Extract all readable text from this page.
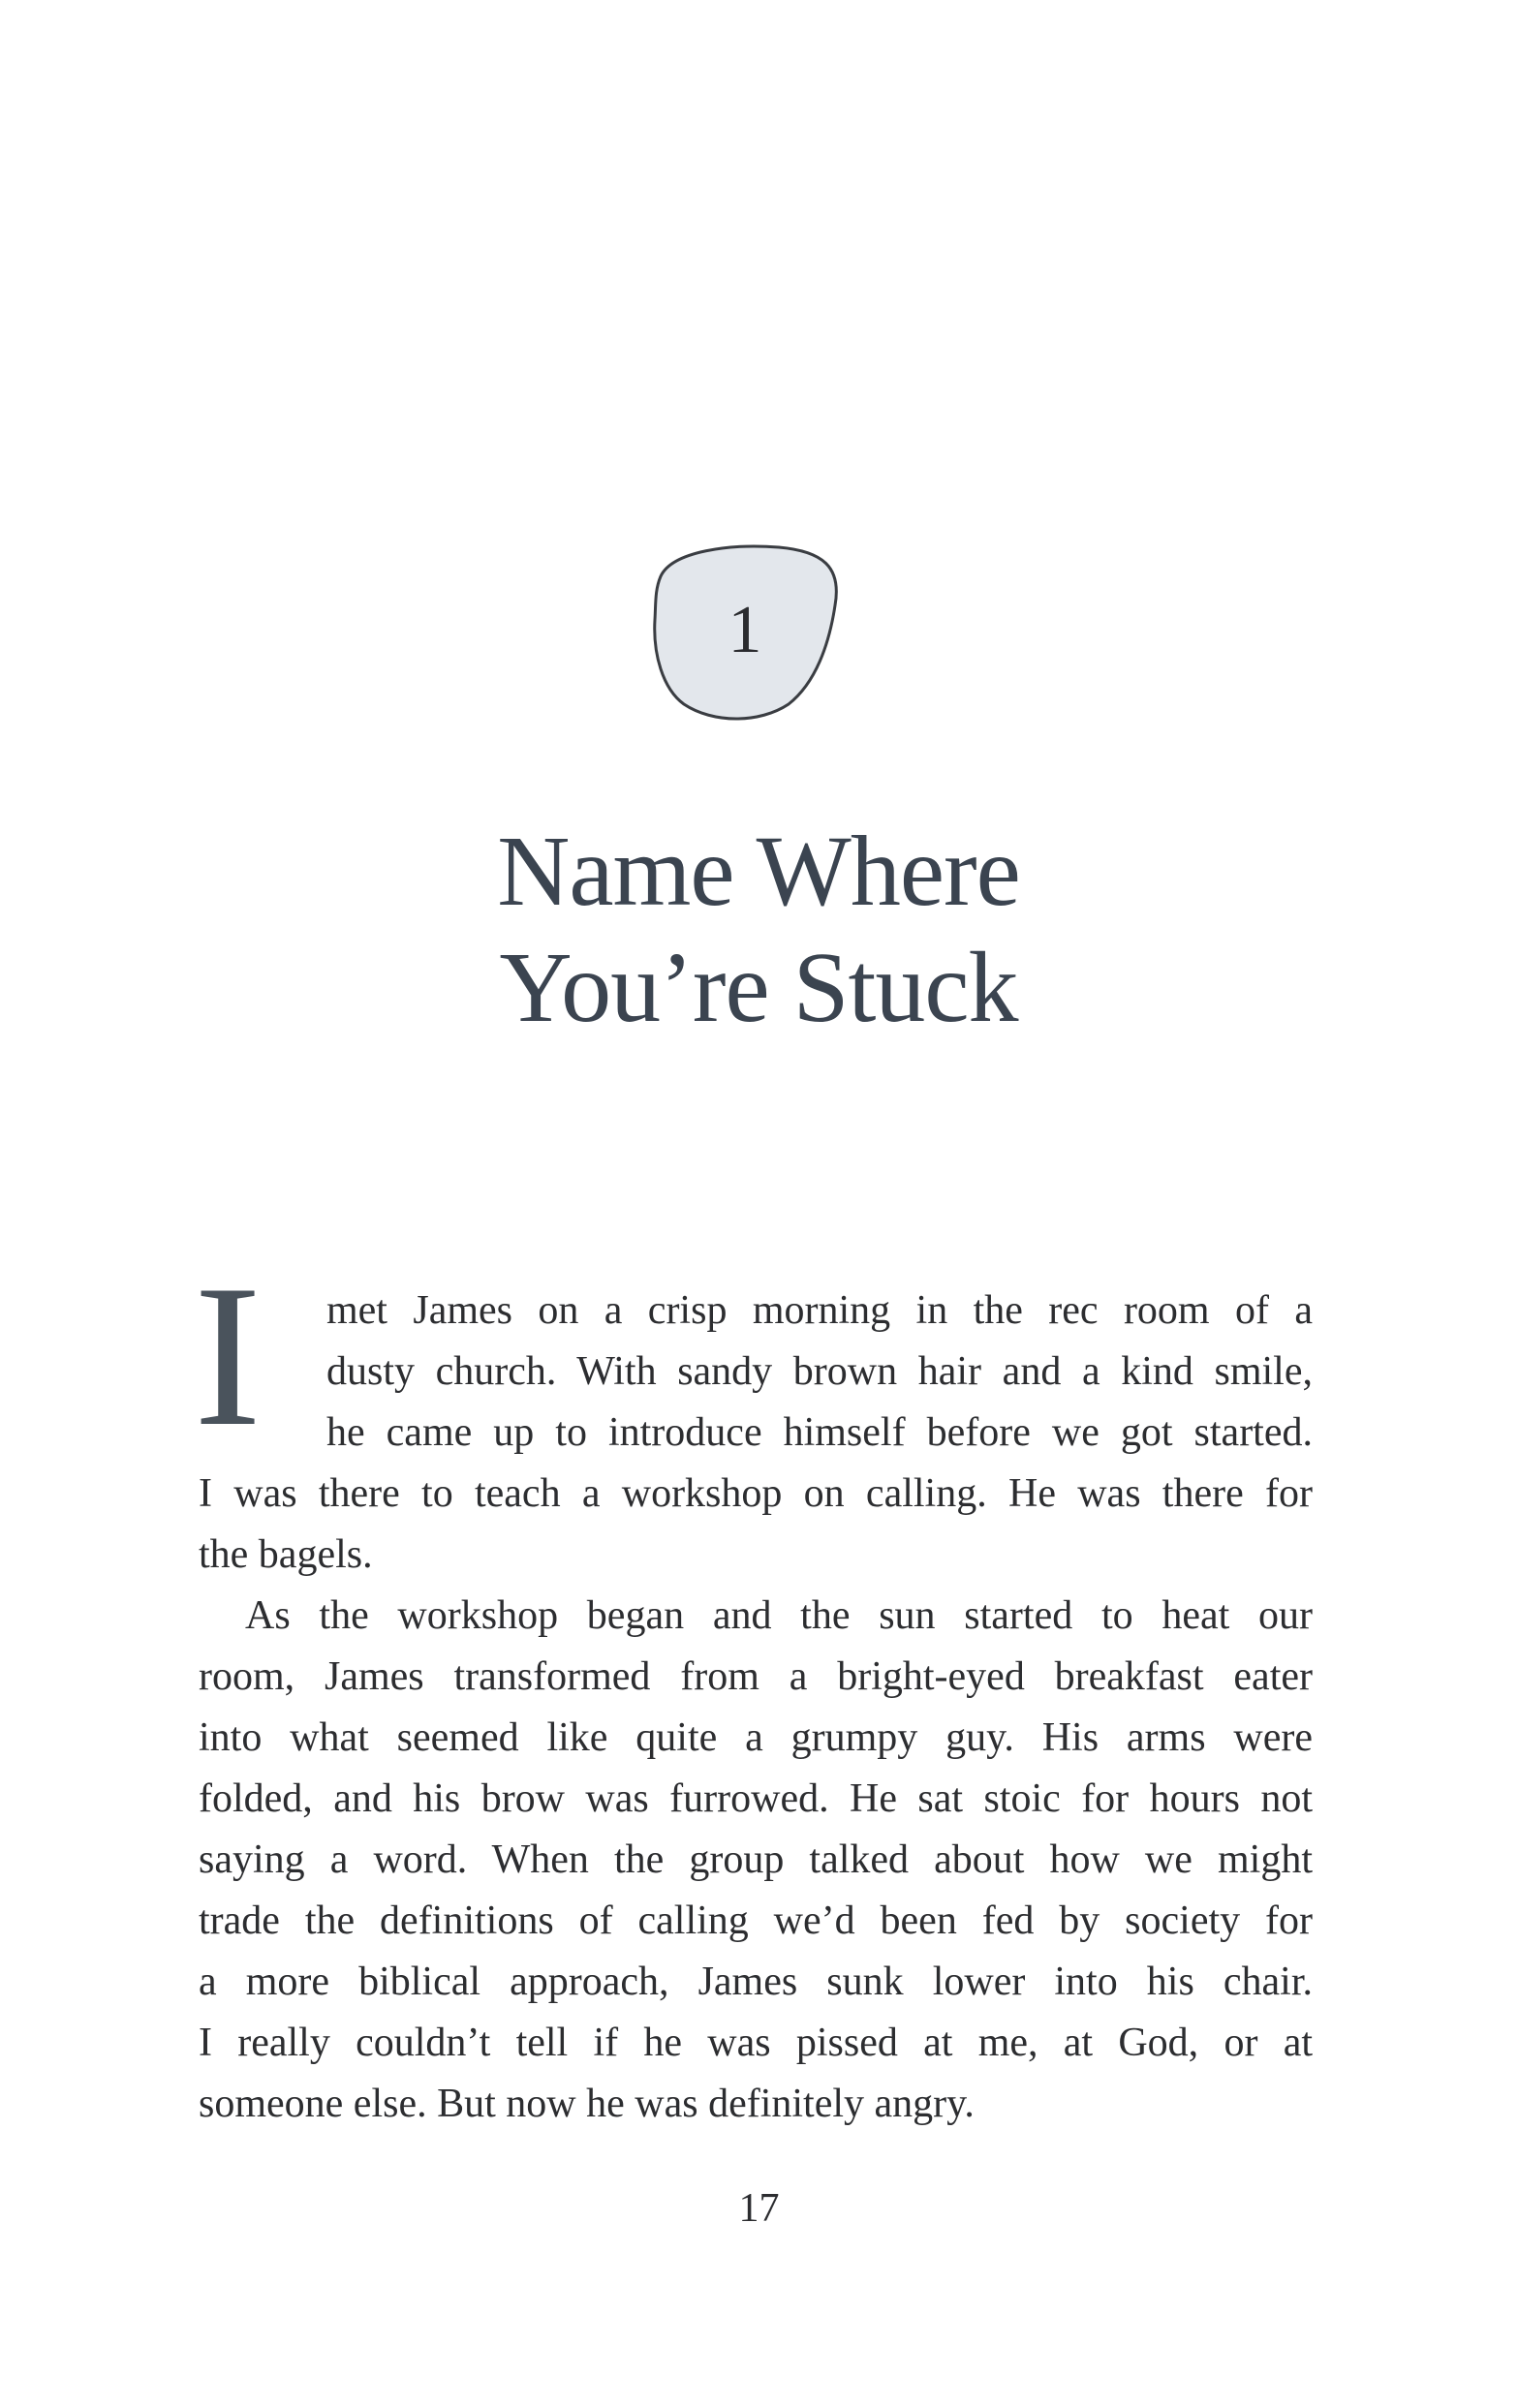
1
Name Where
You’re Stuck
I	met James on a crisp morning in the rec room of a
dusty church. With sandy brown hair and a kind smile,
he came up to introduce himself before we got started.
I was there to teach a workshop on calling. He was there for
the bagels.
As the workshop began and the sun started to heat our
room, James transformed from a bright-eyed breakfast eater
into what seemed like quite a grumpy guy. His arms were
folded, and his brow was furrowed. He sat stoic for hours not
saying a word. When the group talked about how we might
trade the definitions of calling we’d been fed by society for
a more biblical approach, James sunk lower into his chair.
I really couldn’t tell if he was pissed at me, at God, or at
someone else. But now he was definitely angry.
17
